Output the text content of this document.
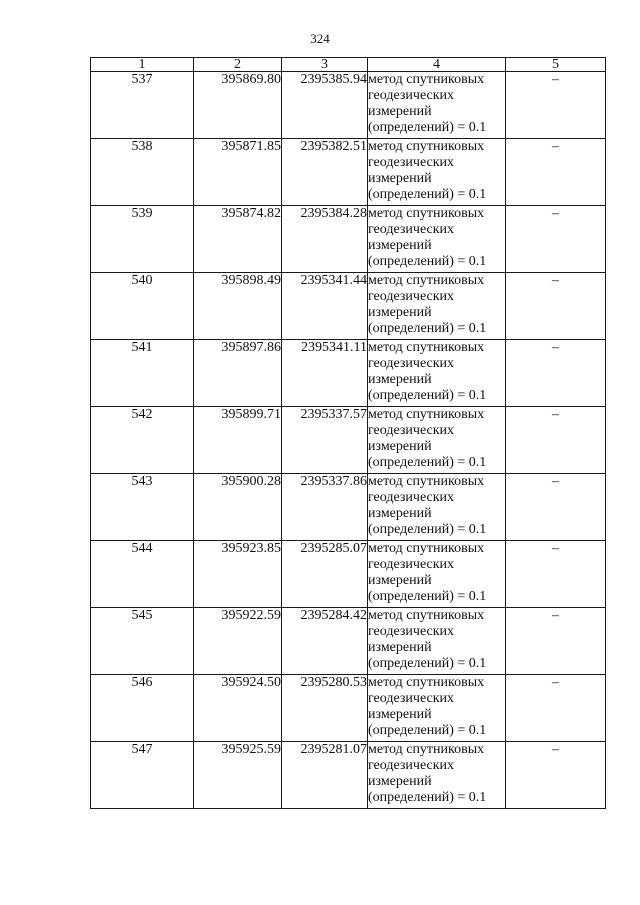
324
1	2	3	4	5
537	395869.80	2395385.94	метод спутниковых
геодезических
измерений
(определений) = 0.1	–
538	395871.85	2395382.51	метод спутниковых
геодезических
измерений
(определений) = 0.1	–
539	395874.82	2395384.28	метод спутниковых
геодезических
измерений
(определений) = 0.1	–
540	395898.49	2395341.44	метод спутниковых
геодезических
измерений
(определений) = 0.1	–
541	395897.86	2395341.11	метод спутниковых
геодезических
измерений
(определений) = 0.1	–
542	395899.71	2395337.57	метод спутниковых
геодезических
измерений
(определений) = 0.1	–
543	395900.28	2395337.86	метод спутниковых
геодезических
измерений
(определений) = 0.1	–
544	395923.85	2395285.07	метод спутниковых
геодезических
измерений
(определений) = 0.1	–
545	395922.59	2395284.42	метод спутниковых
геодезических
измерений
(определений) = 0.1	–
546	395924.50	2395280.53	метод спутниковых
геодезических
измерений
(определений) = 0.1	–
547	395925.59	2395281.07	метод спутниковых
геодезических
измерений
(определений) = 0.1	–
